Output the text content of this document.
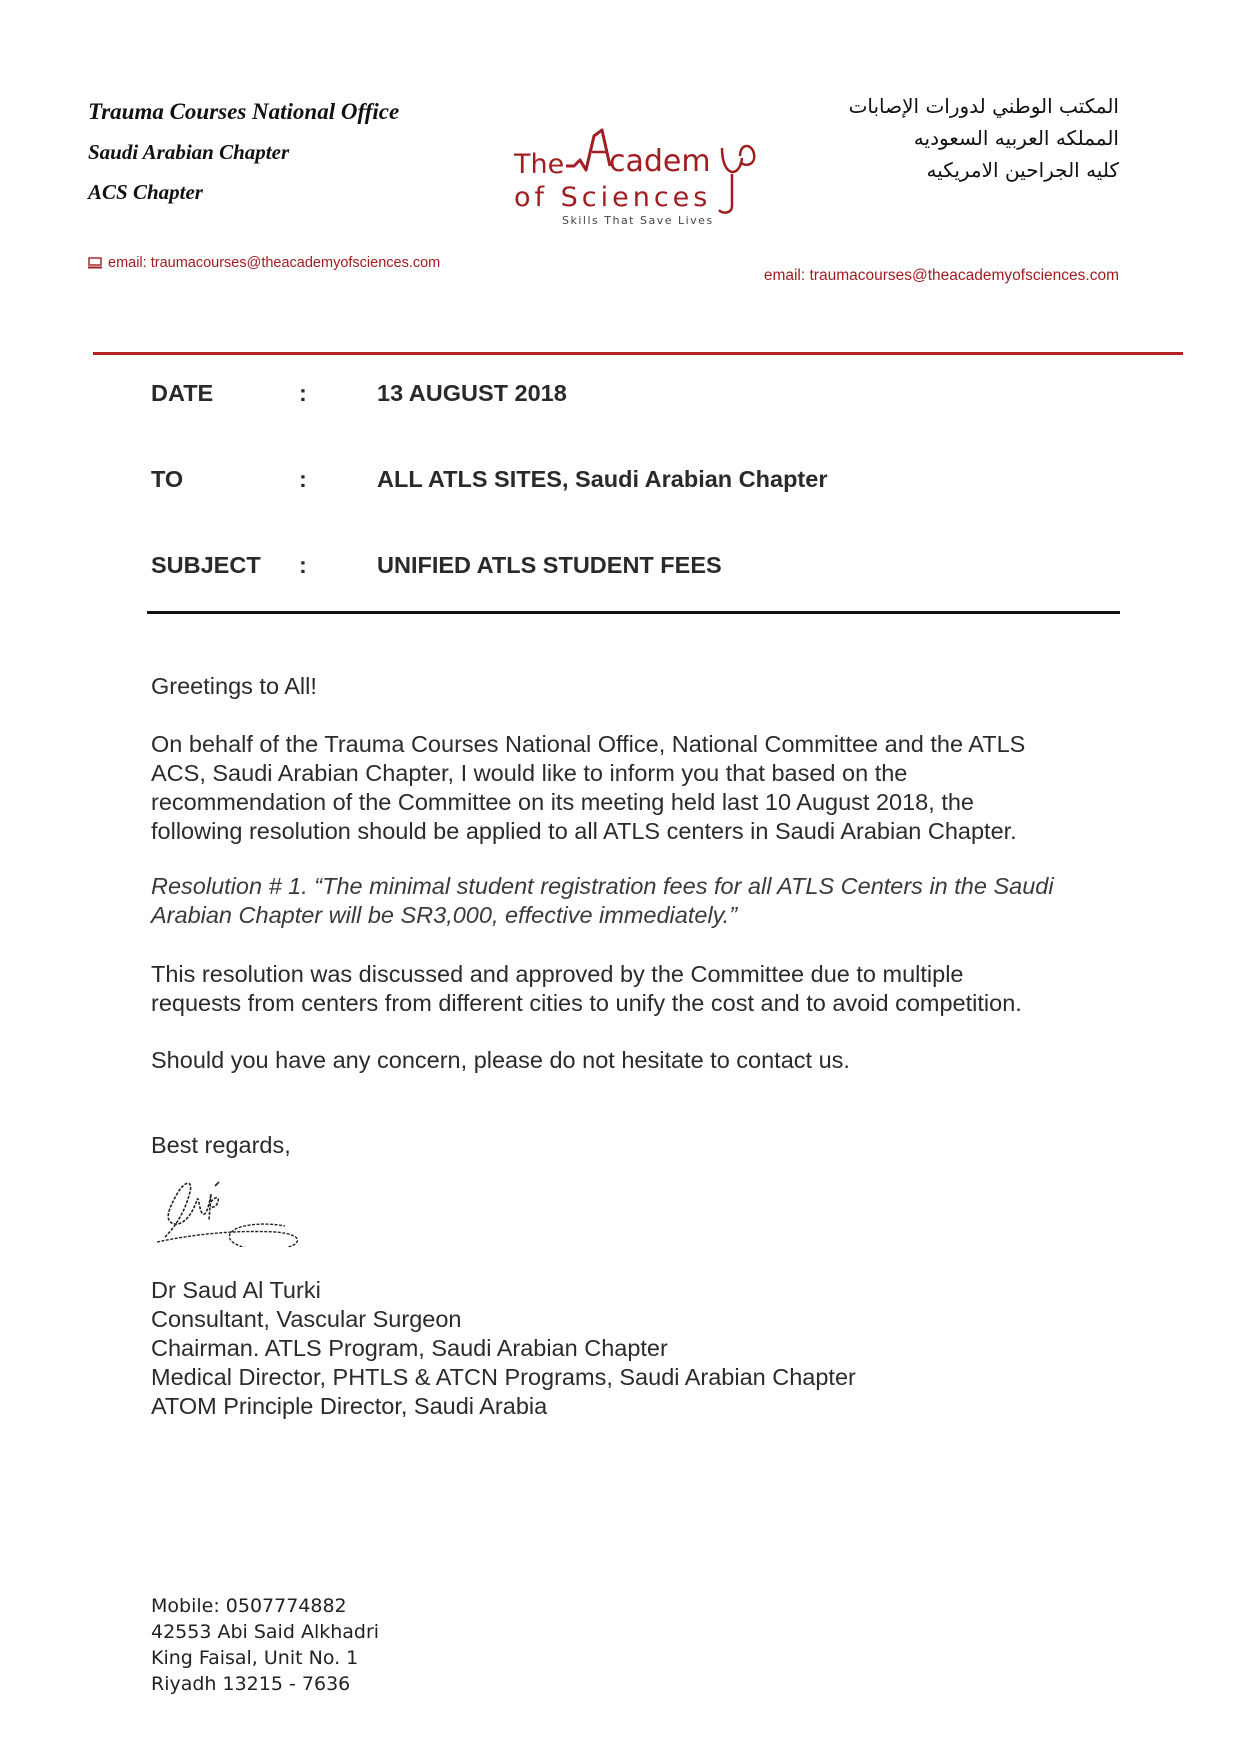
Trauma Courses National Office
Saudi Arabian Chapter
ACS Chapter
المكتب الوطني لدورات الإصابات
المملكه العربيه السعوديه
كليه الجراحين الامريكيه
The cadem
of Sciences
Skills That Save Lives
email: traumacourses@theacademyofsciences.com
email: traumacourses@theacademyofsciences.com
DATE	:	13 AUGUST 2018
TO	:	ALL ATLS SITES, Saudi Arabian Chapter
SUBJECT :	UNIFIED ATLS STUDENT FEES
Greetings to All!
On behalf of the Trauma Courses National Office, National Committee and the ATLS
ACS, Saudi Arabian Chapter, I would like to inform you that based on the
recommendation of the Committee on its meeting held last 10 August 2018, the
following resolution should be applied to all ATLS centers in Saudi Arabian Chapter.
Resolution # 1. “The minimal student registration fees for all ATLS Centers in the Saudi
Arabian Chapter will be SR3,000, effective immediately.”
This resolution was discussed and approved by the Committee due to multiple
requests from centers from different cities to unify the cost and to avoid competition.
Should you have any concern, please do not hesitate to contact us.
Best regards,
Dr Saud Al Turki
Consultant, Vascular Surgeon
Chairman. ATLS Program, Saudi Arabian Chapter
Medical Director, PHTLS & ATCN Programs, Saudi Arabian Chapter
ATOM Principle Director, Saudi Arabia
Mobile: 0507774882
42553 Abi Said Alkhadri
King Faisal, Unit No. 1
Riyadh 13215 - 7636
